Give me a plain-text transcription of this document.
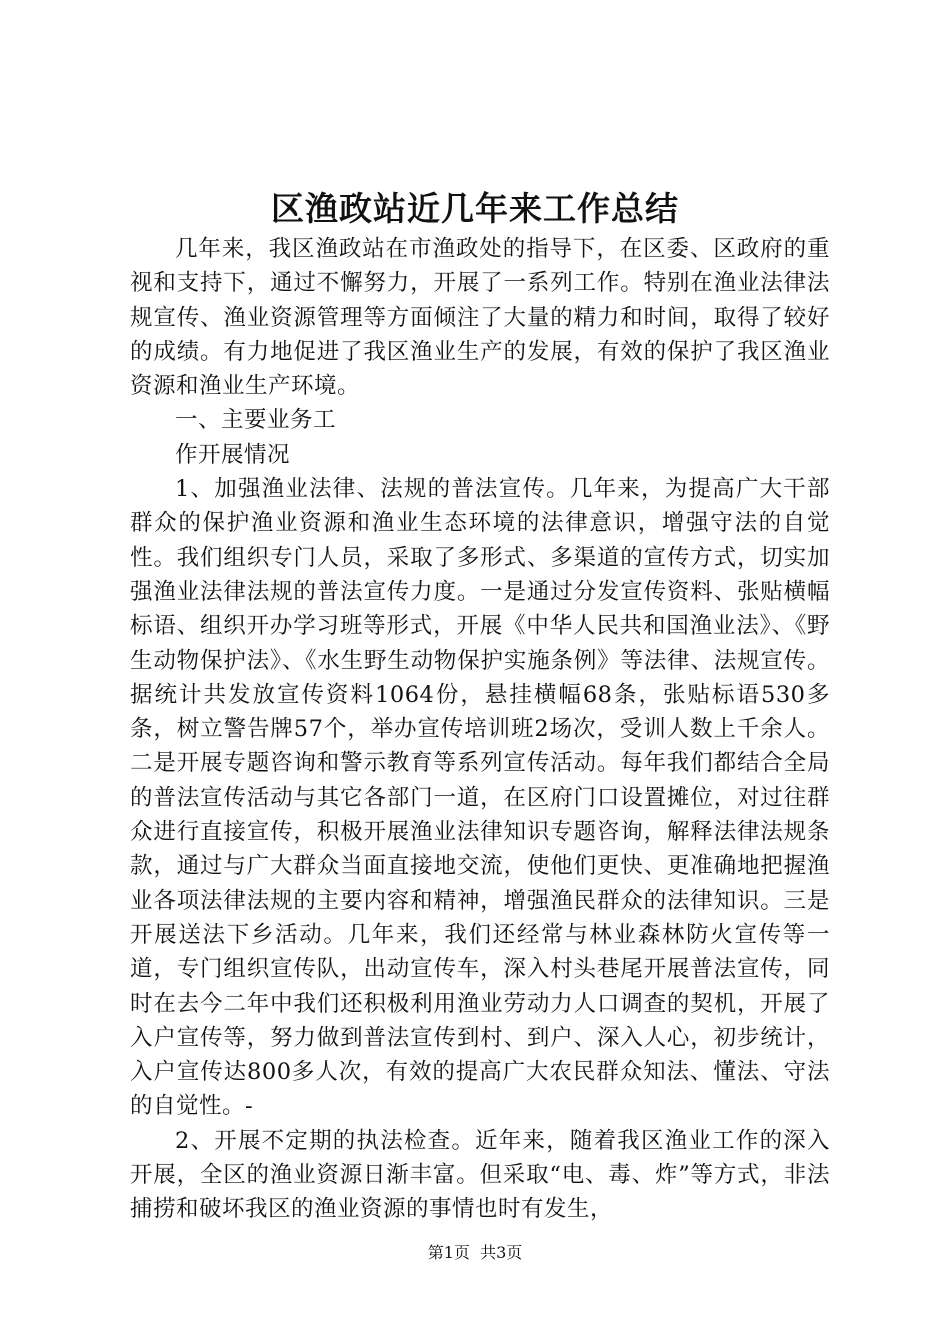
区渔政站近几年来工作总结

几年来，我区渔政站在市渔政处的指导下，在区委、区政府的重视和支持下，通过不懈努力，开展了一系列工作。特别在渔业法律法规宣传、渔业资源管理等方面倾注了大量的精力和时间，取得了较好的成绩。有力地促进了我区渔业生产的发展，有效的保护了我区渔业资源和渔业生产环境。

一、主要业务工

作开展情况

1、加强渔业法律、法规的普法宣传。几年来，为提高广大干部群众的保护渔业资源和渔业生态环境的法律意识，增强守法的自觉性。我们组织专门人员，采取了多形式、多渠道的宣传方式，切实加强渔业法律法规的普法宣传力度。一是通过分发宣传资料、张贴横幅标语、组织开办学习班等形式，开展《中华人民共和国渔业法》、《野生动物保护法》、《水生野生动物保护实施条例》等法律、法规宣传。据统计共发放宣传资料1064份，悬挂横幅68条，张贴标语530多条，树立警告牌57个，举办宣传培训班2场次，受训人数上千余人。二是开展专题咨询和警示教育等系列宣传活动。每年我们都结合全局的普法宣传活动与其它各部门一道，在区府门口设置摊位，对过往群众进行直接宣传，积极开展渔业法律知识专题咨询，解释法律法规条款，通过与广大群众当面直接地交流，使他们更快、更准确地把握渔业各项法律法规的主要内容和精神，增强渔民群众的法律知识。三是开展送法下乡活动。几年来，我们还经常与林业森林防火宣传等一道，专门组织宣传队，出动宣传车，深入村头巷尾开展普法宣传，同时在去今二年中我们还积极利用渔业劳动力人口调查的契机，开展了入户宣传等，努力做到普法宣传到村、到户、深入人心，初步统计，入户宣传达800多人次，有效的提高广大农民群众知法、懂法、守法的自觉性。-

2、开展不定期的执法检查。近年来，随着我区渔业工作的深入开展，全区的渔业资源日渐丰富。但采取“电、毒、炸”等方式，非法捕捞和破坏我区的渔业资源的事情也时有发生，

第1页 共3页
